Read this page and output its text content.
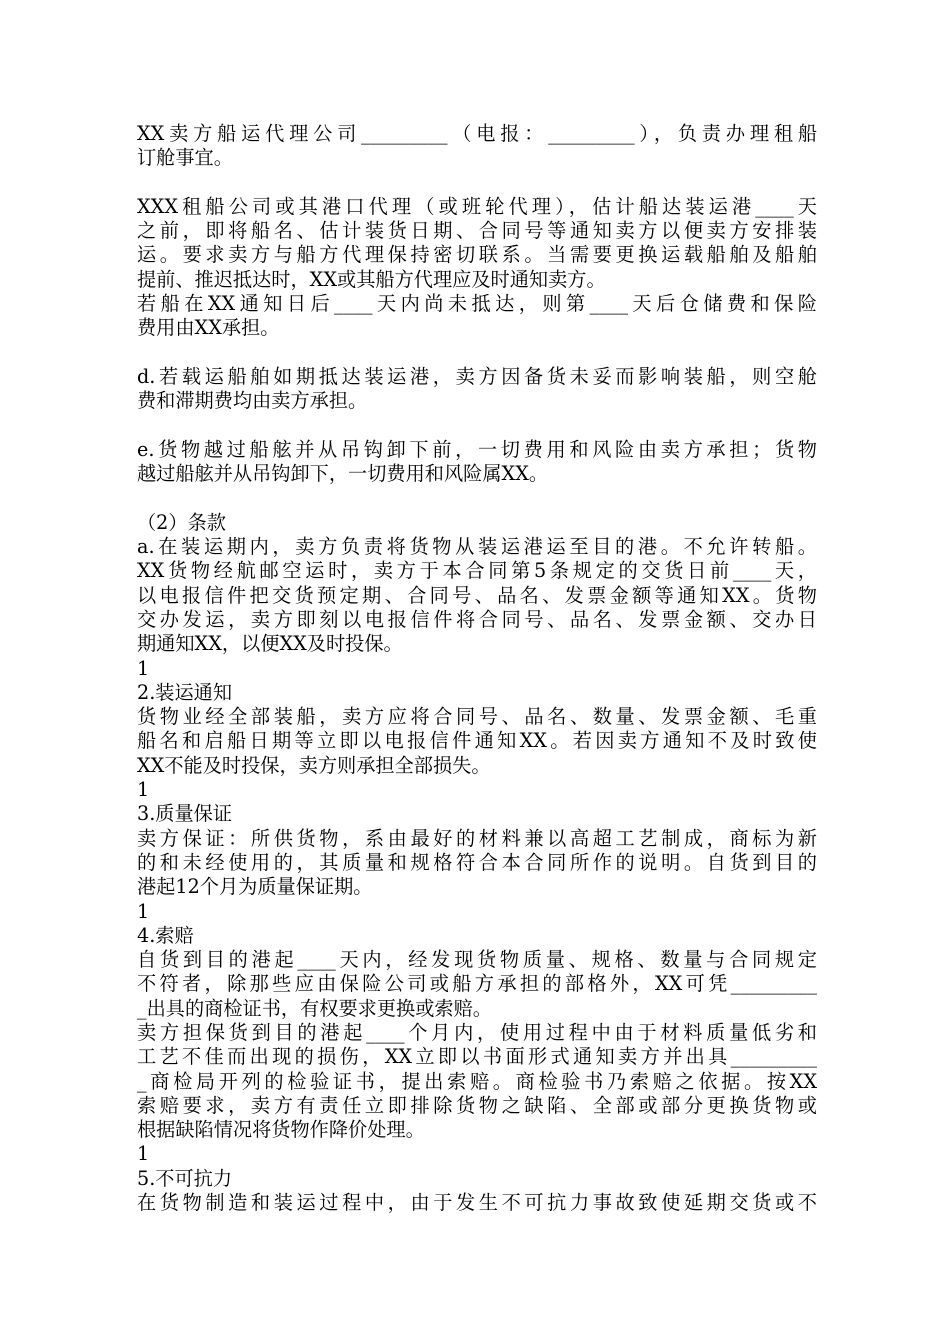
XX卖方船运代理公司_________（电报：_________），负责办理租船
订舱事宜。
XXX租船公司或其港口代理（或班轮代理），估计船达装运港____天
之前，即将船名、估计装货日期、合同号等通知卖方以便卖方安排装
运。要求卖方与船方代理保持密切联系。当需要更换运载船舶及船舶
提前、推迟抵达时，XX或其船方代理应及时通知卖方。
若船在XX通知日后____天内尚未抵达，则第____天后仓储费和保险
费用由XX承担。
d.若载运船舶如期抵达装运港，卖方因备货未妥而影响装船，则空舱
费和滞期费均由卖方承担。
e.货物越过船舷并从吊钩卸下前，一切费用和风险由卖方承担；货物
越过船舷并从吊钩卸下，一切费用和风险属XX。
（2）条款
a.在装运期内，卖方负责将货物从装运港运至目的港。不允许转船。
XX货物经航邮空运时，卖方于本合同第5条规定的交货日前____天，
以电报信件把交货预定期、合同号、品名、发票金额等通知XX。货物
交办发运，卖方即刻以电报信件将合同号、品名、发票金额、交办日
期通知XX，以便XX及时投保。
1
2.装运通知
货物业经全部装船，卖方应将合同号、品名、数量、发票金额、毛重
船名和启船日期等立即以电报信件通知XX。若因卖方通知不及时致使
XX不能及时投保，卖方则承担全部损失。
1
3.质量保证
卖方保证：所供货物，系由最好的材料兼以高超工艺制成，商标为新
的和未经使用的，其质量和规格符合本合同所作的说明。自货到目的
港起12个月为质量保证期。
1
4.索赔
自货到目的港起____天内，经发现货物质量、规格、数量与合同规定
不符者，除那些应由保险公司或船方承担的部格外，XX可凭_________
_出具的商检证书，有权要求更换或索赔。
卖方担保货到目的港起____个月内，使用过程中由于材料质量低劣和
工艺不佳而出现的损伤，XX立即以书面形式通知卖方并出具_________
_商检局开列的检验证书，提出索赔。商检验书乃索赔之依据。按XX
索赔要求，卖方有责任立即排除货物之缺陷、全部或部分更换货物或
根据缺陷情况将货物作降价处理。
1
5.不可抗力
在货物制造和装运过程中，由于发生不可抗力事故致使延期交货或不
